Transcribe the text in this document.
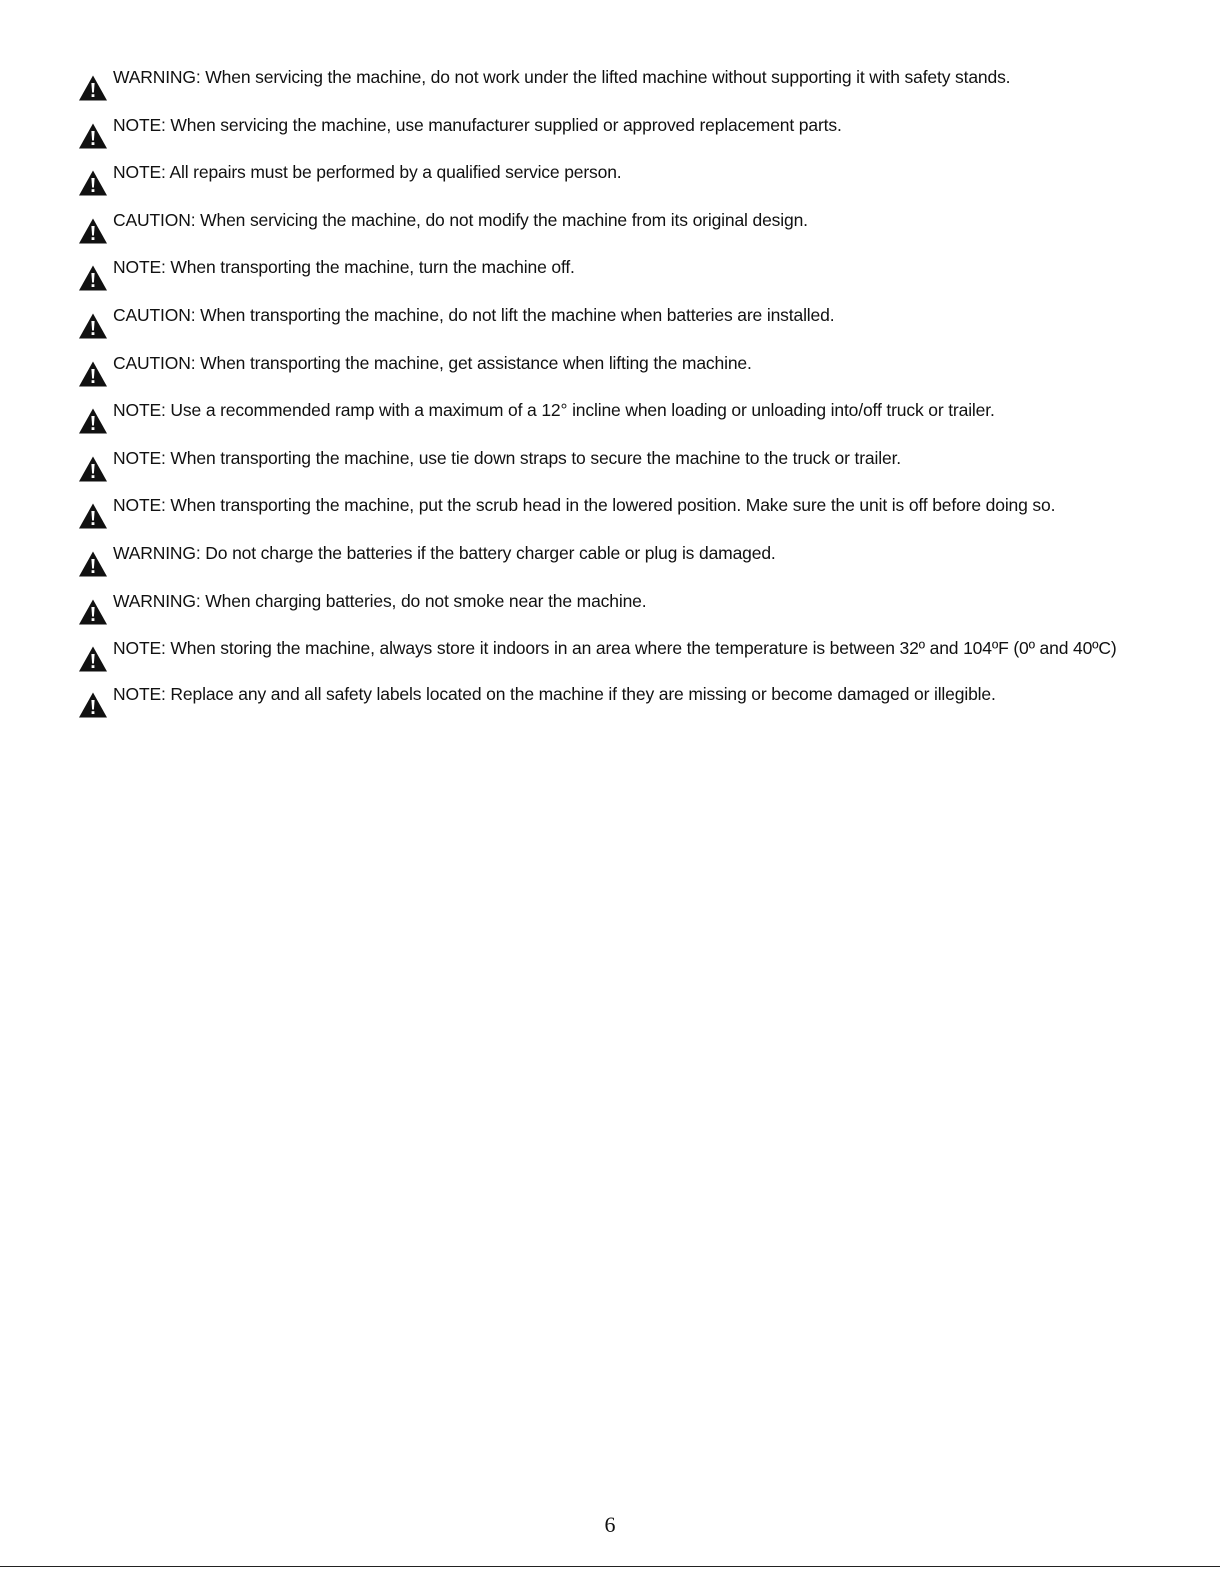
WARNING: When servicing the machine, do not work under the lifted machine without supporting it with safety stands.
NOTE: When servicing the machine, use manufacturer supplied or approved replacement parts.
NOTE: All repairs must be performed by a qualified service person.
CAUTION: When servicing the machine, do not modify the machine from its original design.
NOTE: When transporting the machine, turn the machine off.
CAUTION: When transporting the machine, do not lift the machine when batteries are installed.
CAUTION: When transporting the machine, get assistance when lifting the machine.
NOTE: Use a recommended ramp with a maximum of a 12° incline when loading or unloading into/off truck or trailer.
NOTE: When transporting the machine, use tie down straps to secure the machine to the truck or trailer.
NOTE: When transporting the machine, put the scrub head in the lowered position. Make sure the unit is off before doing so.
WARNING: Do not charge the batteries if the battery charger cable or plug is damaged.
WARNING: When charging batteries, do not smoke near the machine.
NOTE: When storing the machine, always store it indoors in an area where the temperature is between 32º and 104ºF (0º and 40ºC)
NOTE: Replace any and all safety labels located on the machine if they are missing or become damaged or illegible.
6
